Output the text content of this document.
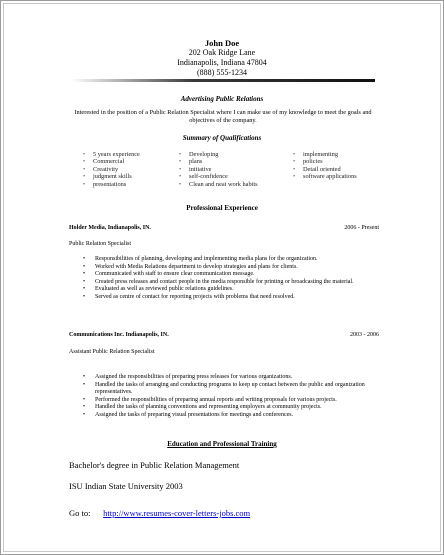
John Doe
202 Oak Ridge Lane
Indianapolis, Indiana 47804
(888) 555-1234
Advertising Public Relations
Interested in the position of a Public Relation Specialist where I can make use of my knowledge to meet the goals and objectives of the company.
Summary of Qualifications
• 5 years experience
• Commercial
• Creativity
• judgment skills
• presentations
• Developing
• plans
• initiative
• self-confidence
• Clean and neat work habits
• implementing
• policies
• Detail oriented
• software applications
Professional Experience
Holder Media, Indianapolis, IN.	2006 - Present
Public Relation Specialist
• Responsibilities of planning, developing and implementing media plans for the organization.
• Worked with Media Relations department to develop strategies and plans for clients.
• Communicated with staff to ensure clear communication message.
• Created press releases and contact people in the media responsible for printing or broadcasting the material.
• Evaluated as well as reviewed public relations guidelines.
• Served as centre of contact for reporting projects with problems that need resolved.
Communications Inc. Indianapolis, IN.	2003 - 2006
Assistant Public Relation Specialist
• Assigned the responsibilities of preparing press releases for various organizations.
• Handled the tasks of arranging and conducting programs to keep up contact between the public and organization representatives.
• Performed the responsibilities of preparing annual reports and writing proposals for various projects.
• Handled the tasks of planning conventions and representing employers at community projects.
• Assigned the tasks of preparing visual presentations for meetings and conferences.
Education and Professional Training
Bachelor's degree in Public Relation Management
ISU Indian State University 2003
Go to: http://www.resumes-cover-letters-jobs.com
